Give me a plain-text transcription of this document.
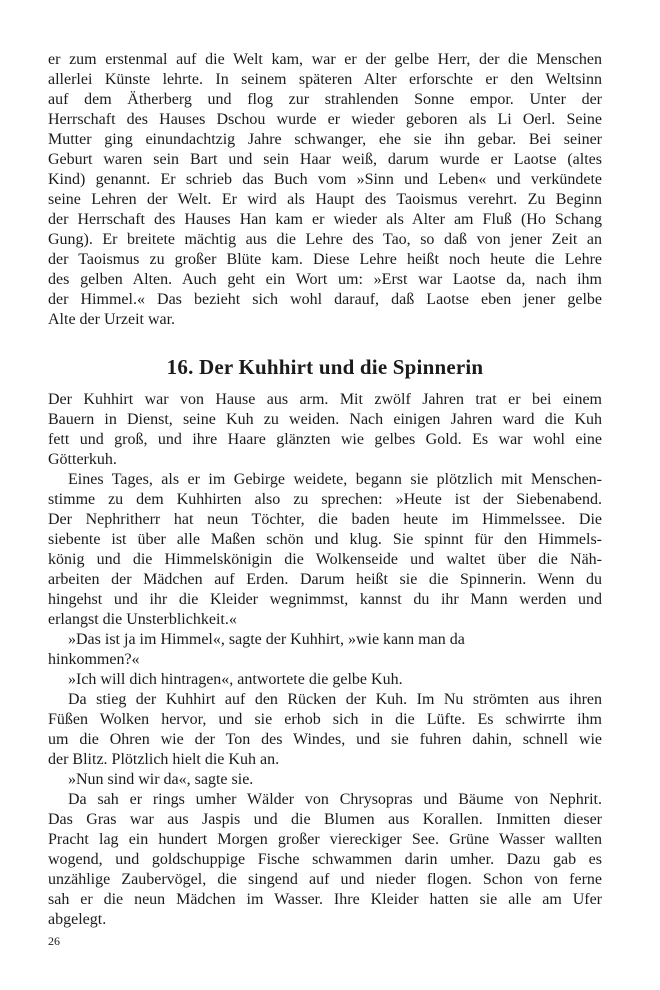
er zum erstenmal auf die Welt kam, war er der gelbe Herr, der die Menschen
allerlei Künste lehrte. In seinem späteren Alter erforschte er den Weltsinn
auf dem Ätherberg und flog zur strahlenden Sonne empor. Unter der
Herrschaft des Hauses Dschou wurde er wieder geboren als Li Oerl. Seine
Mutter ging einundachtzig Jahre schwanger, ehe sie ihn gebar. Bei seiner
Geburt waren sein Bart und sein Haar weiß, darum wurde er Laotse (altes
Kind) genannt. Er schrieb das Buch vom »Sinn und Leben« und verkündete
seine Lehren der Welt. Er wird als Haupt des Taoismus verehrt. Zu Beginn
der Herrschaft des Hauses Han kam er wieder als Alter am Fluß (Ho Schang
Gung). Er breitete mächtig aus die Lehre des Tao, so daß von jener Zeit an
der Taoismus zu großer Blüte kam. Diese Lehre heißt noch heute die Lehre
des gelben Alten. Auch geht ein Wort um: »Erst war Laotse da, nach ihm
der Himmel.« Das bezieht sich wohl darauf, daß Laotse eben jener gelbe
Alte der Urzeit war.
16. Der Kuhhirt und die Spinnerin
Der Kuhhirt war von Hause aus arm. Mit zwölf Jahren trat er bei einem
Bauern in Dienst, seine Kuh zu weiden. Nach einigen Jahren ward die Kuh
fett und groß, und ihre Haare glänzten wie gelbes Gold. Es war wohl eine
Götterkuh.
Eines Tages, als er im Gebirge weidete, begann sie plötzlich mit Menschen-
stimme zu dem Kuhhirten also zu sprechen: »Heute ist der Siebenabend.
Der Nephritherr hat neun Töchter, die baden heute im Himmelssee. Die
siebente ist über alle Maßen schön und klug. Sie spinnt für den Himmels-
könig und die Himmelskönigin die Wolkenseide und waltet über die Näh-
arbeiten der Mädchen auf Erden. Darum heißt sie die Spinnerin. Wenn du
hingehst und ihr die Kleider wegnimmst, kannst du ihr Mann werden und
erlangst die Unsterblichkeit.«
»Das ist ja im Himmel«, sagte der Kuhhirt, »wie kann man da
hinkommen?«
»Ich will dich hintragen«, antwortete die gelbe Kuh.
Da stieg der Kuhhirt auf den Rücken der Kuh. Im Nu strömten aus ihren
Füßen Wolken hervor, und sie erhob sich in die Lüfte. Es schwirrte ihm
um die Ohren wie der Ton des Windes, und sie fuhren dahin, schnell wie
der Blitz. Plötzlich hielt die Kuh an.
»Nun sind wir da«, sagte sie.
Da sah er rings umher Wälder von Chrysopras und Bäume von Nephrit.
Das Gras war aus Jaspis und die Blumen aus Korallen. Inmitten dieser
Pracht lag ein hundert Morgen großer viereckiger See. Grüne Wasser wallten
wogend, und goldschuppige Fische schwammen darin umher. Dazu gab es
unzählige Zaubervögel, die singend auf und nieder flogen. Schon von ferne
sah er die neun Mädchen im Wasser. Ihre Kleider hatten sie alle am Ufer
abgelegt.
26
